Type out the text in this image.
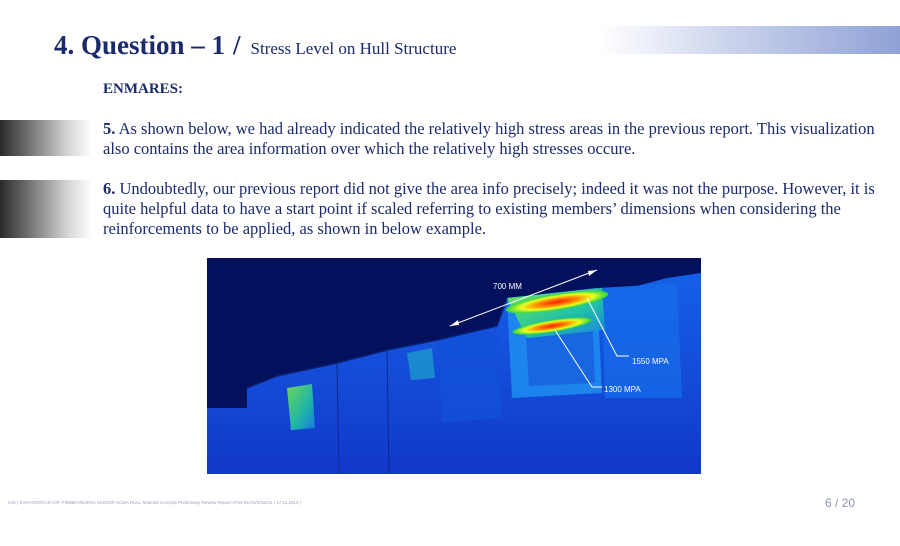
4. Question – 1 / Stress Level on Hull Structure
ENMARES:
5. As shown below, we had already indicated the relatively high stress areas in the previous report. This visualization also contains the area information over which the relatively high stresses occure.
6. Undoubtedly, our previous report did not give the area info precisely; indeed it was not the purpose. However, it is quite helpful data to have a start point if scaled referring to existing members’ dimensions when considering the reinforcements to be applied, as shown in below example.
700 MM
1550 MPA
1300 MPA
GIS | SARAYDOĞAN CIP. PIRIBEY/BURSA ISNOOR SCMA HULL Material Concept Preliminary Review Report 4784-05-01/2015/11 | 17.11.2015 |	6 / 20
